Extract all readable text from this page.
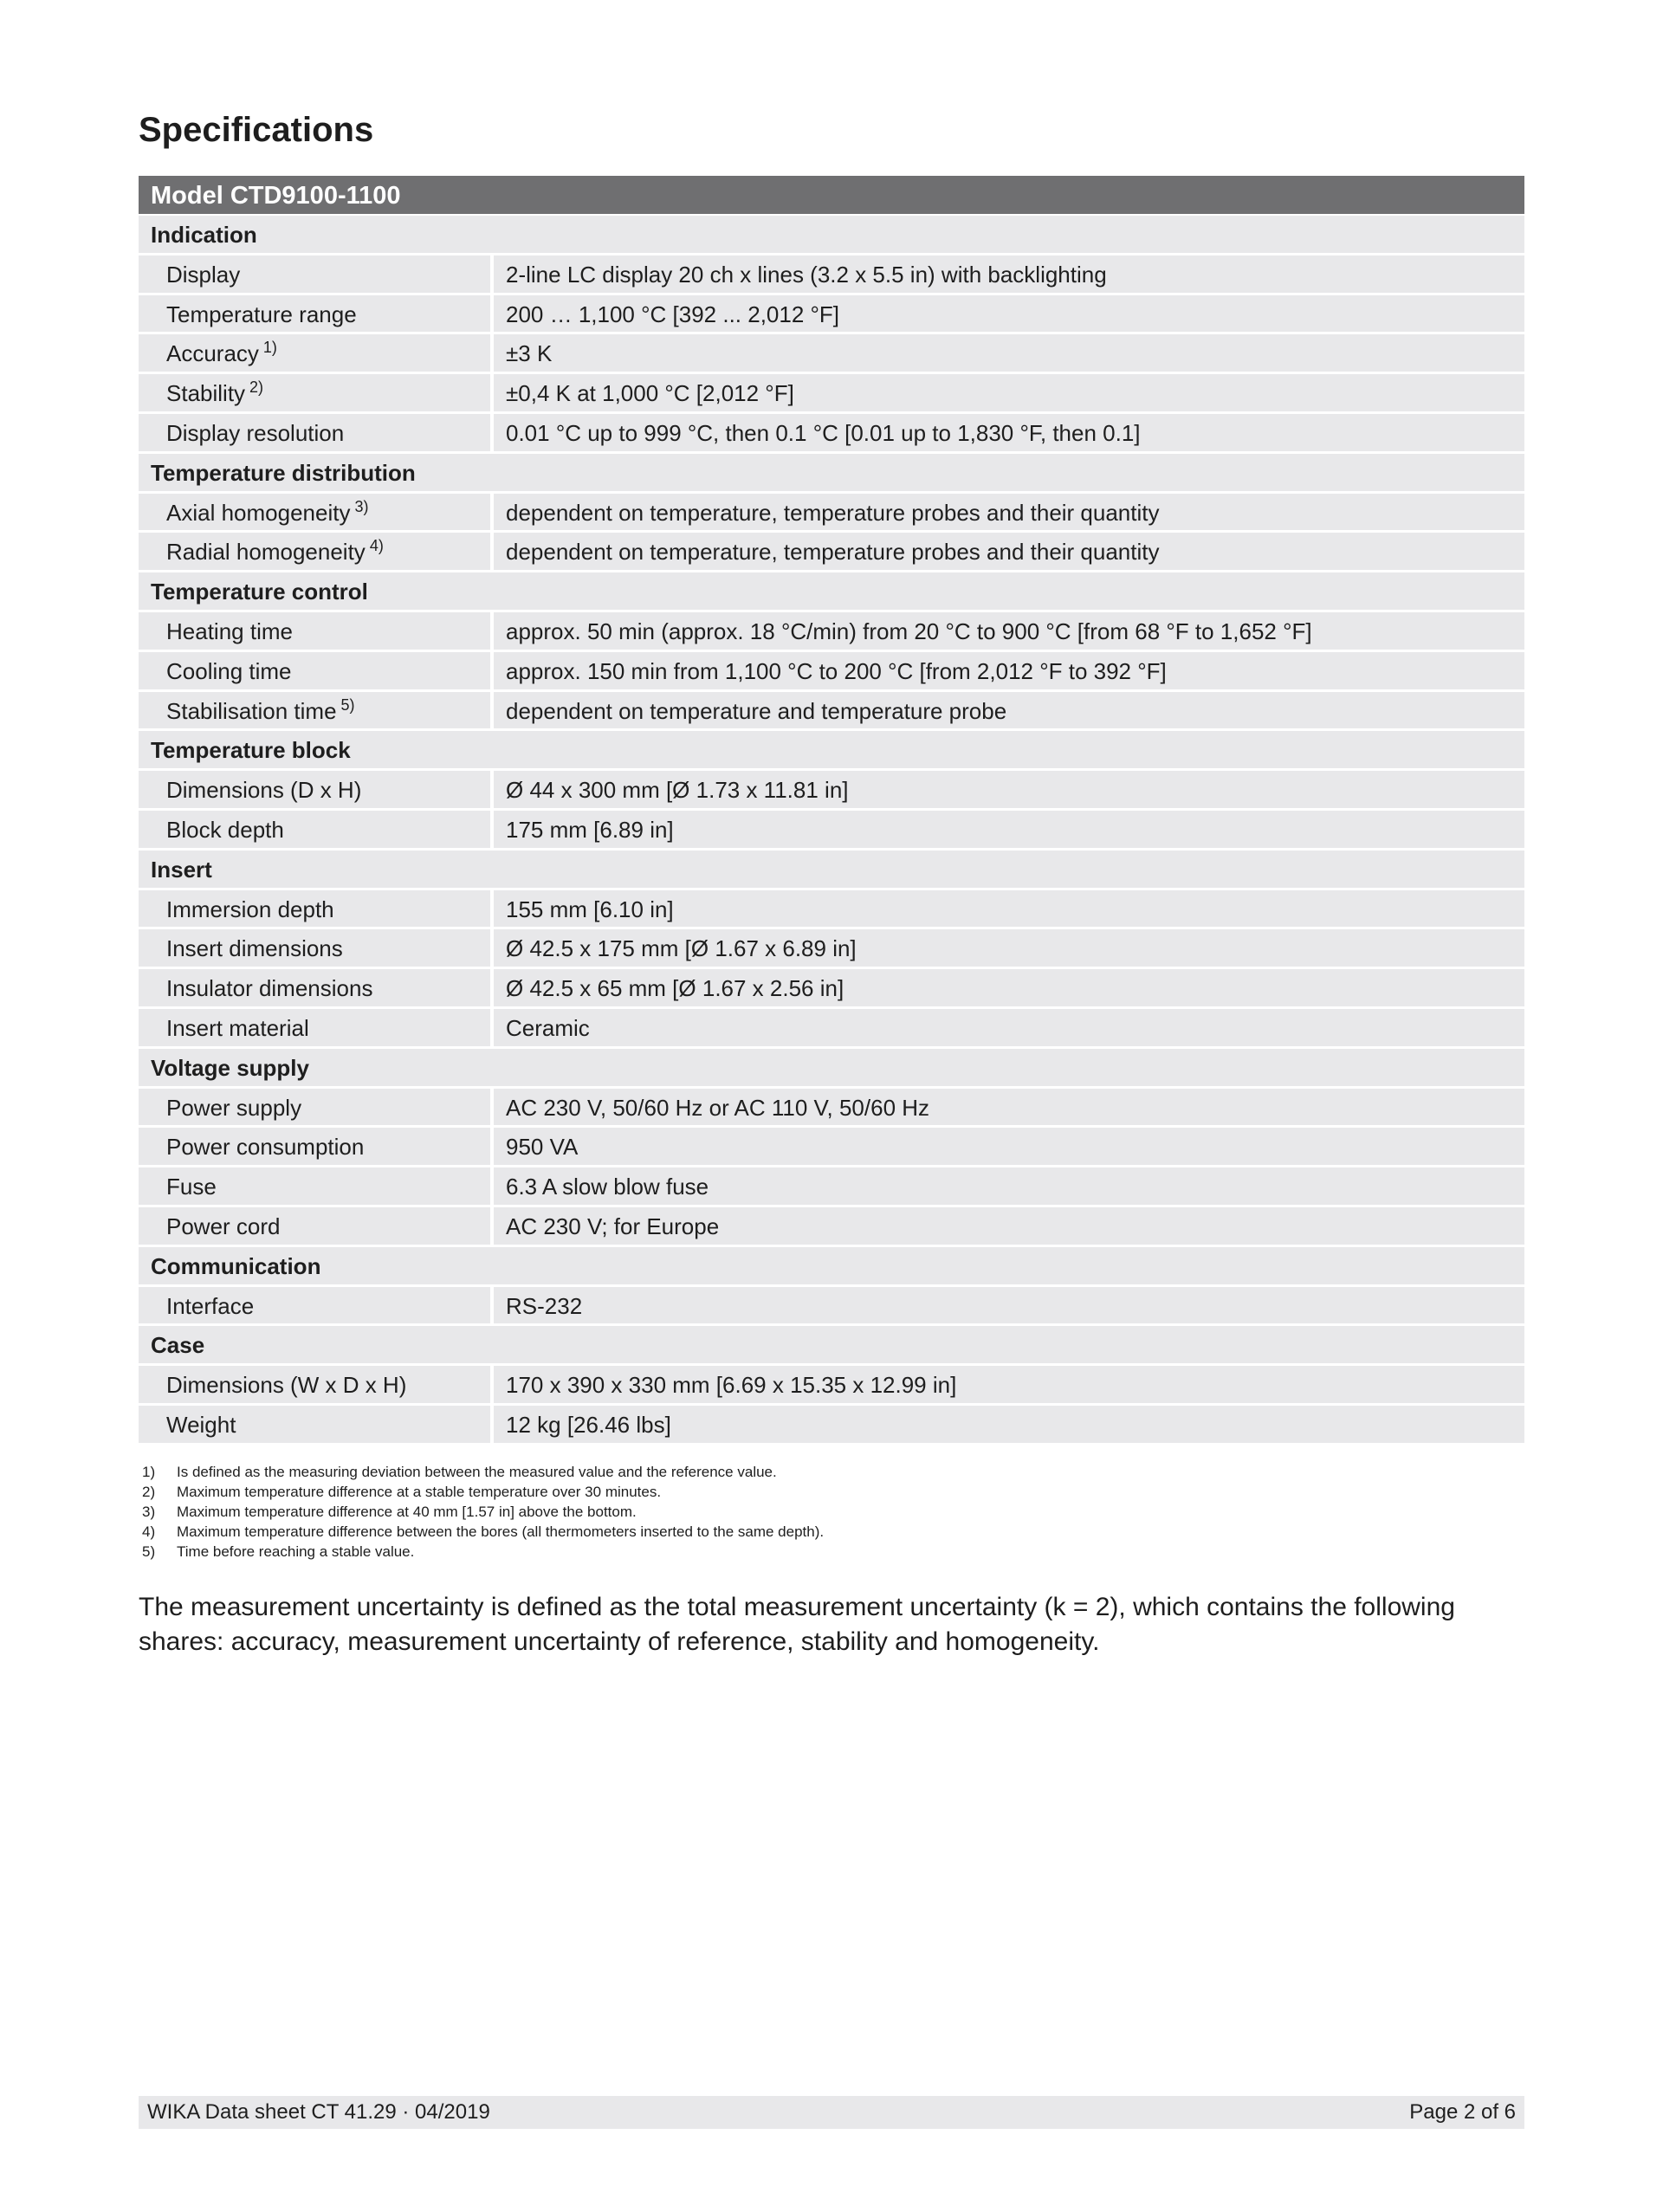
Specifications
Model CTD9100-1100
Indication
Display	2-line LC display 20 ch x lines (3.2 x 5.5 in) with backlighting
Temperature range	200 … 1,100 °C [392 ... 2,012 °F]
Accuracy $^{1)}$	±3 K
Stability $^{2)}$	±0,4 K at 1,000 °C [2,012 °F]
Display resolution	0.01 °C up to 999 °C, then 0.1 °C [0.01 up to 1,830 °F, then 0.1]
Temperature distribution
Axial homogeneity $^{3)}$	dependent on temperature, temperature probes and their quantity
Radial homogeneity $^{4)}$	dependent on temperature, temperature probes and their quantity
Temperature control
Heating time	approx. 50 min (approx. 18 °C/min) from 20 °C to 900 °C [from 68 °F to 1,652 °F]
Cooling time	approx. 150 min from 1,100 °C to 200 °C [from 2,012 °F to 392 °F]
Stabilisation time $^{5)}$	dependent on temperature and temperature probe
Temperature block
Dimensions (D x H)	Ø 44 x 300 mm [Ø 1.73 x 11.81 in]
Block depth	175 mm [6.89 in]
Insert
Immersion depth	155 mm [6.10 in]
Insert dimensions	Ø 42.5 x 175 mm [Ø 1.67 x 6.89 in]
Insulator dimensions	Ø 42.5 x 65 mm [Ø 1.67 x 2.56 in]
Insert material	Ceramic
Voltage supply
Power supply	AC 230 V, 50/60 Hz or AC 110 V, 50/60 Hz
Power consumption	950 VA
Fuse	6.3 A slow blow fuse
Power cord	AC 230 V; for Europe
Communication
Interface	RS-232
Case
Dimensions (W x D x H)	170 x 390 x 330 mm [6.69 x 15.35 x 12.99 in]
Weight	12 kg [26.46 lbs]
1)	Is defined as the measuring deviation between the measured value and the reference value.
2)	Maximum temperature difference at a stable temperature over 30 minutes.
3)	Maximum temperature difference at 40 mm [1.57 in] above the bottom.
4)	Maximum temperature difference between the bores (all thermometers inserted to the same depth).
5)	Time before reaching a stable value.

The measurement uncertainty is defined as the total measurement uncertainty (k = 2), which contains the following shares: accuracy, measurement uncertainty of reference, stability and homogeneity.

WIKA Data sheet CT 41.29 · 04/2019	Page 2 of 6
